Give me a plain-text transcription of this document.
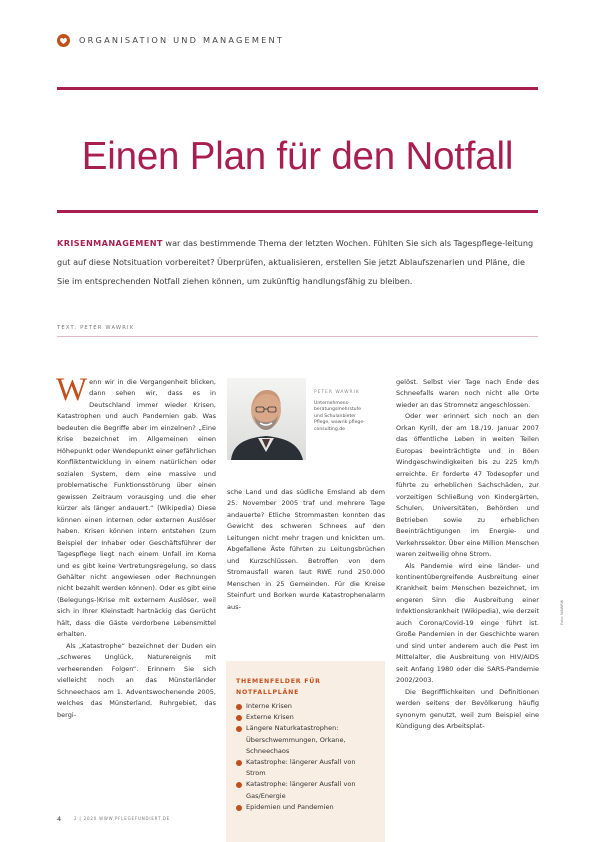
ORGANISATION UND MANAGEMENT
Einen Plan für den Notfall
KRISENMANAGEMENT war das bestimmende Thema der letzten Wochen. Fühlten Sie sich als Tagespflege-leitung gut auf diese Notsituation vorbereitet? Überprüfen, aktualisieren, erstellen Sie jetzt Ablaufszenarien und Pläne, die Sie im entsprechenden Notfall ziehen können, um zukünftig handlungsfähig zu bleiben.
TEXT: PETER WAWRIK

Wenn wir in die Vergangenheit blicken, dann sehen wir, dass es in Deutschland immer wieder Krisen, Katastrophen und auch Pandemien gab. Was bedeuten die Begriffe aber im einzelnen? „Eine Krise bezeichnet im Allgemeinen einen Höhepunkt oder Wendepunkt einer gefährlichen Konfliktentwicklung in einem natürlichen oder sozialen System, dem eine massive und problematische Funktionsstörung über einen gewissen Zeitraum vorausging und die eher kürzer als länger andauert.“ (Wikipedia) Diese können einen internen oder externen Auslöser haben. Krisen können intern entstehen (zum Beispiel der Inhaber oder Geschäftsführer der Tagespflege liegt nach einem Unfall im Koma und es gibt keine Vertretungsregelung, so dass Gehälter nicht angewiesen oder Rechnungen nicht bezahlt werden können). Oder es gibt eine (Belegungs-)Krise mit externem Auslöser, weil sich in Ihrer Kleinstadt hartnäckig das Gerücht hält, dass die Gäste verdorbene Lebensmittel erhalten.

Als „Katastrophe“ bezeichnet der Duden ein „schweres Unglück, Naturereignis mit verheerenden Folgen“. Erinnern Sie sich vielleicht noch an das Münsterländer Schneechaos am 1. Adventswochenende 2005, welches das Münsterland, Ruhrgebiet, das bergi-

PETER WAWRIK
Unternehmens-beratungsmehrstufe und Schulanbieter Pflege, wawrik pflege-consulting.de

sche Land und das südliche Emsland ab dem 25. November 2005 traf und mehrere Tage andauerte? Etliche Strommasten konnten das Gewicht des schweren Schnees auf den Leitungen nicht mehr tragen und knickten um. Abgefallene Äste führten zu Leitungsbrüchen und Kurzschlüssen. Betroffen von dem Stromausfall waren laut RWE rund 250.000 Menschen in 25 Gemeinden. Für die Kreise Steinfurt und Borken wurde Katastrophenalarm aus-

THEMENFELDER FÜR NOTFALLPLÄNE
Interne Krisen
Externe Krisen
Längere Naturkatastrophen: Überschwemmungen, Orkane, Schneechaos
Katastrophe: längerer Ausfall von Strom
Katastrophe: längerer Ausfall von Gas/Energie
Epidemien und Pandemien

gelöst. Selbst vier Tage nach Ende des Schneefalls waren noch nicht alle Orte wieder an das Stromnetz angeschlossen.

Oder wer erinnert sich noch an den Orkan Kyrill, der am 18./19. Januar 2007 das öffentliche Leben in weiten Teilen Europas beeinträchtigte und in Böen Windgeschwindigkeiten bis zu 225 km/h erreichte. Er forderte 47 Todesopfer und führte zu erheblichen Sachschäden, zur vorzeitigen Schließung von Kindergärten, Schulen, Universitäten, Behörden und Betrieben sowie zu erheblichen Beeinträchtigungen im Energie- und Verkehrssektor. Über eine Million Menschen waren zeitweilig ohne Strom.

Als Pandemie wird eine länder- und kontinentübergreifende Ausbreitung einer Krankheit beim Menschen bezeichnet, im engeren Sinn die Ausbreitung einer Infektionskrankheit (Wikipedia), wie derzeit auch Corona/Covid-19 einge führt ist. Große Pandemien in der Geschichte waren und sind unter anderem auch die Pest im Mittelalter, die Ausbreitung von HIV/AIDS seit Anfang 1980 oder die SARS-Pandemie 2002/2003.

Die Begrifflichkeiten und Definitionen werden seitens der Bevölkerung häufig synonym genutzt, weil zum Beispiel eine Kündigung des Arbeitsplat-

4	2 | 2020 WWW.PFLEGEFUNDIERT.DE
Foto: WAWRIK
